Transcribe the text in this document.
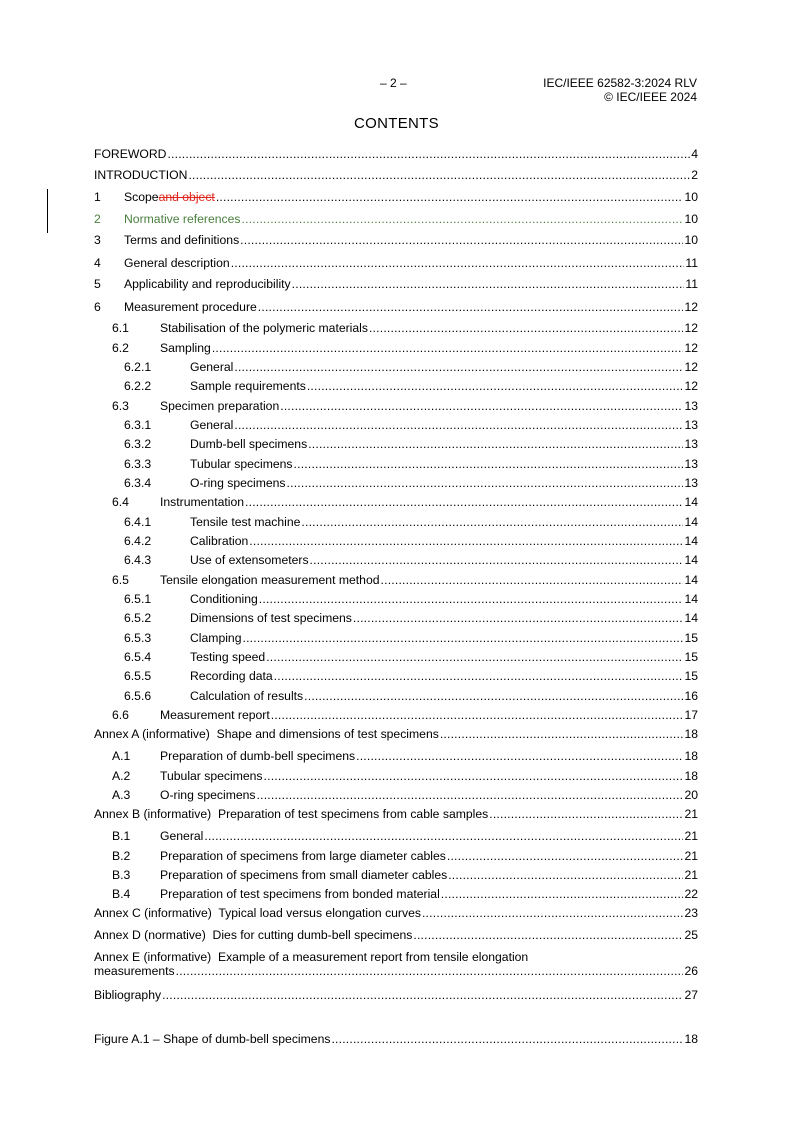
– 2 –	IEC/IEEE 62582-3:2024 RLV
© IEC/IEEE 2024
CONTENTS
FOREWORD .....	4
INTRODUCTION .....	2
1	Scope and object .....	10
2	Normative references .....	10
3	Terms and definitions .....	10
4	General description .....	11
5	Applicability and reproducibility .....	11
6	Measurement procedure .....	12
6.1	Stabilisation of the polymeric materials .....	12
6.2	Sampling .....	12
6.2.1	General .....	12
6.2.2	Sample requirements .....	12
6.3	Specimen preparation .....	13
6.3.1	General .....	13
6.3.2	Dumb-bell specimens .....	13
6.3.3	Tubular specimens .....	13
6.3.4	O-ring specimens .....	13
6.4	Instrumentation .....	14
6.4.1	Tensile test machine .....	14
6.4.2	Calibration .....	14
6.4.3	Use of extensometers .....	14
6.5	Tensile elongation measurement method .....	14
6.5.1	Conditioning .....	14
6.5.2	Dimensions of test specimens .....	14
6.5.3	Clamping .....	15
6.5.4	Testing speed .....	15
6.5.5	Recording data .....	15
6.5.6	Calculation of results .....	16
6.6	Measurement report .....	17
Annex A (informative)  Shape and dimensions of test specimens .....	18
A.1	Preparation of dumb-bell specimens .....	18
A.2	Tubular specimens .....	18
A.3	O-ring specimens .....	20
Annex B (informative)  Preparation of test specimens from cable samples .....	21
B.1	General .....	21
B.2	Preparation of specimens from large diameter cables .....	21
B.3	Preparation of specimens from small diameter cables .....	21
B.4	Preparation of test specimens from bonded material .....	22
Annex C (informative)  Typical load versus elongation curves .....	23
Annex D (normative)  Dies for cutting dumb-bell specimens .....	25
Annex E (informative)  Example of a measurement report from tensile elongation
measurements .....	26
Bibliography .....	27
Figure A.1 – Shape of dumb-bell specimens .....	18
